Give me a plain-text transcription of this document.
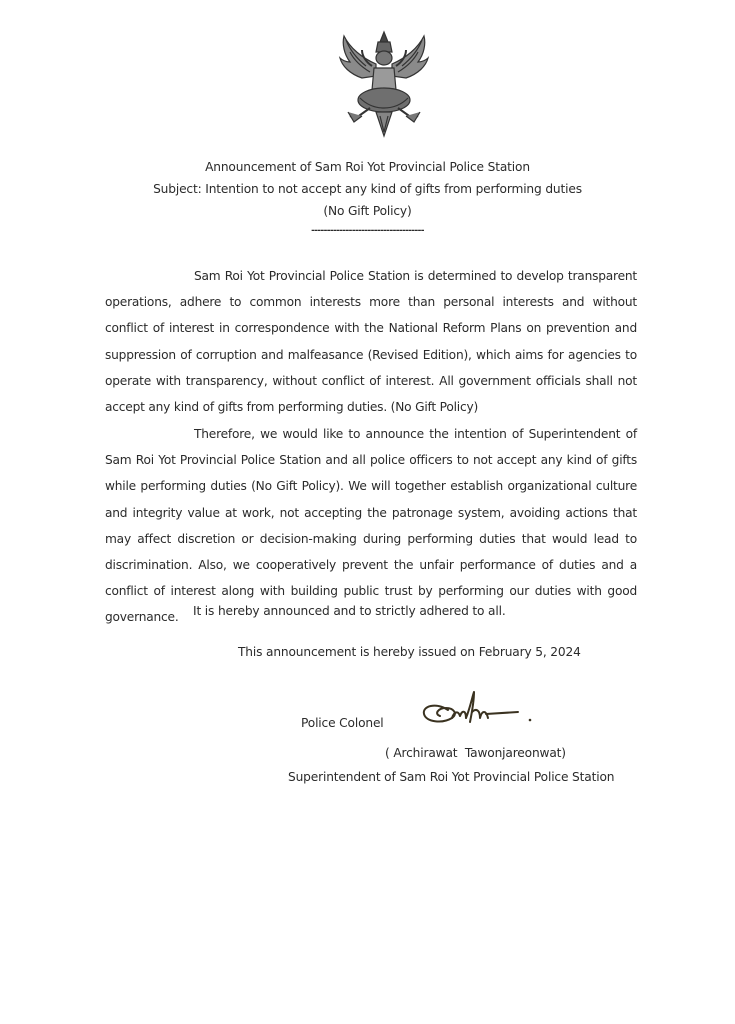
Announcement of Sam Roi Yot Provincial Police Station
Subject: Intention to not accept any kind of gifts from performing duties
(No Gift Policy)
------------------------------------

Sam Roi Yot Provincial Police Station is determined to develop transparent operations, adhere to common interests more than personal interests and without conflict of interest in correspondence with the National Reform Plans on prevention and suppression of corruption and malfeasance (Revised Edition), which aims for agencies to operate with transparency, without conflict of interest. All government officials shall not accept any kind of gifts from performing duties. (No Gift Policy)

Therefore, we would like to announce the intention of Superintendent of Sam Roi Yot Provincial Police Station and all police officers to not accept any kind of gifts while performing duties (No Gift Policy). We will together establish organizational culture and integrity value at work, not accepting the patronage system, avoiding actions that may affect discretion or decision-making during performing duties that would lead to discrimination. Also, we cooperatively prevent the unfair performance of duties and a conflict of interest along with building public trust by performing our duties with good governance.	It is hereby announced and to strictly adhered to all.
This announcement is hereby issued on February 5, 2024
Police Colonel
( Archirawat  Tawonjareonwat)
Superintendent of Sam Roi Yot Provincial Police Station
